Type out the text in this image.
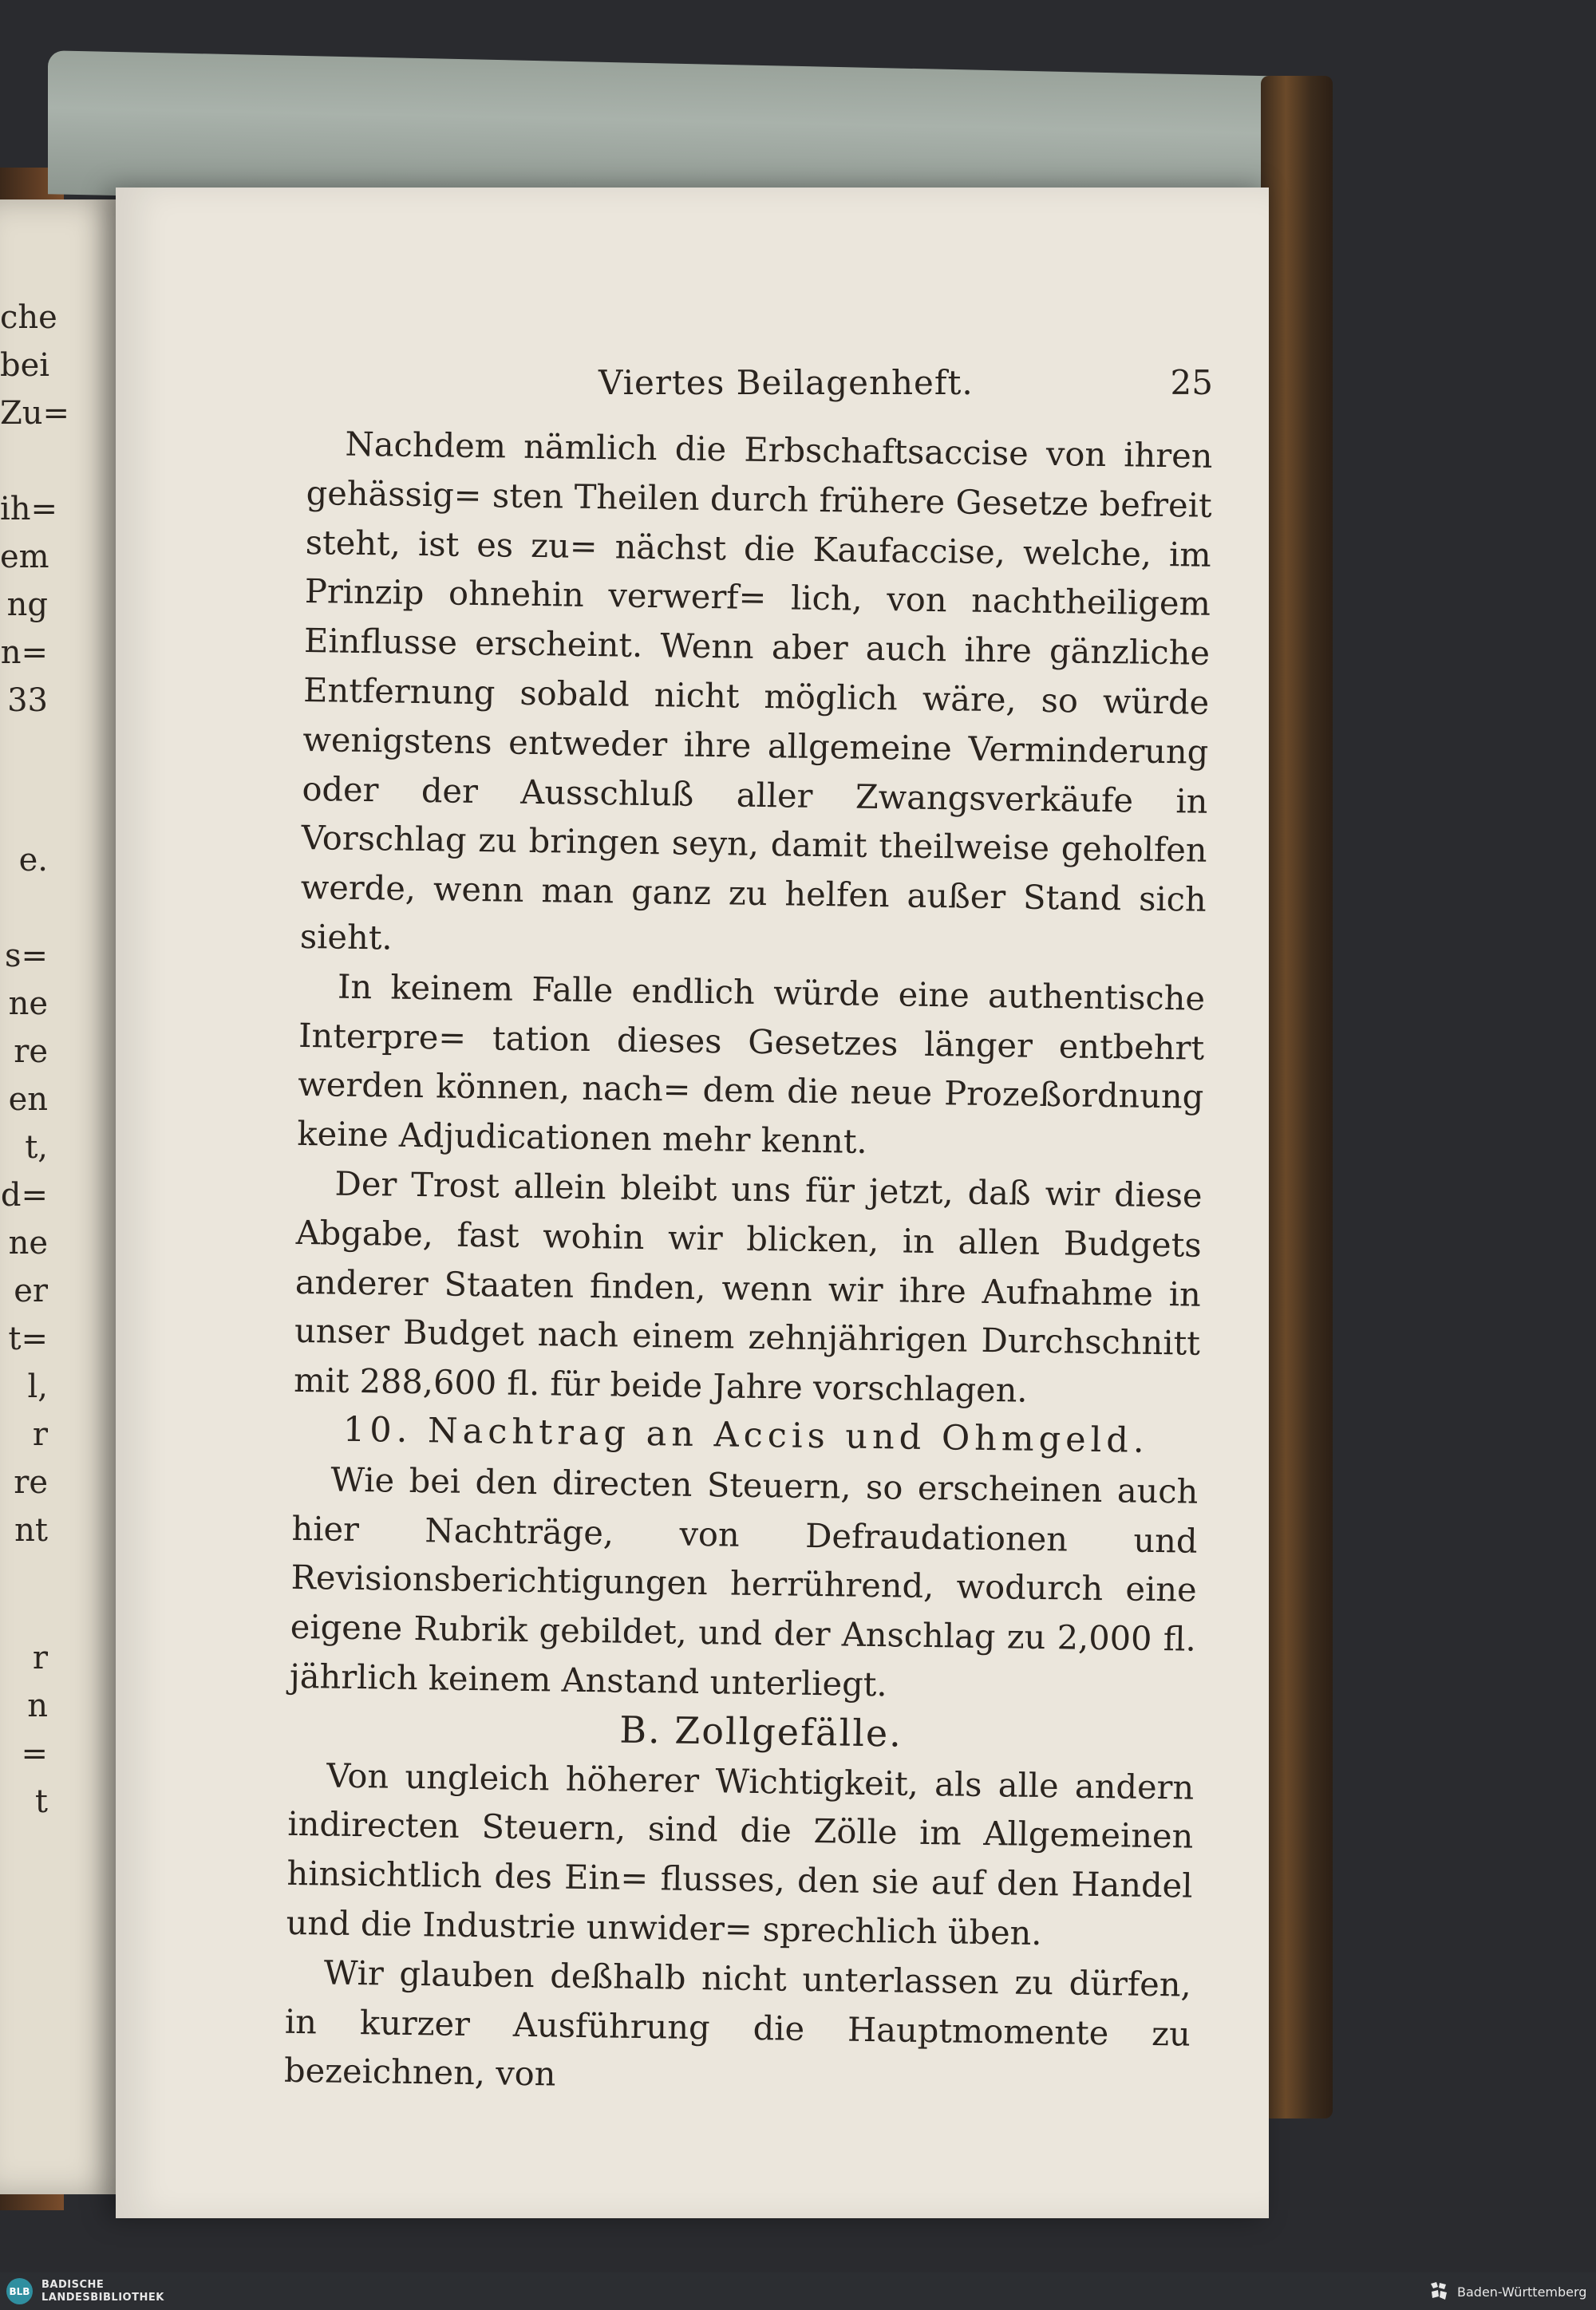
che
bei
Zu=
ih=
em
ng
n=
33
e.
s=
ne
re
en
t,
d=
ne
er
t=
l,
r
re
nt
r
n
=
t
Viertes Beilagenheft.	25

Nachdem nämlich die Erbschaftsaccise von ihren gehässig= sten Theilen durch frühere Gesetze befreit steht, ist es zu= nächst die Kaufaccise, welche, im Prinzip ohnehin verwerf= lich, von nachtheiligem Einflusse erscheint. Wenn aber auch ihre gänzliche Entfernung sobald nicht möglich wäre, so würde wenigstens entweder ihre allgemeine Verminderung oder der Ausschluß aller Zwangsverkäufe in Vorschlag zu bringen seyn, damit theilweise geholfen werde, wenn man ganz zu helfen außer Stand sich sieht.

In keinem Falle endlich würde eine authentische Interpre= tation dieses Gesetzes länger entbehrt werden können, nach= dem die neue Prozeßordnung keine Adjudicationen mehr kennt.

Der Trost allein bleibt uns für jetzt, daß wir diese Abgabe, fast wohin wir blicken, in allen Budgets anderer Staaten finden, wenn wir ihre Aufnahme in unser Budget nach einem zehnjährigen Durchschnitt mit 288,600 fl. für beide Jahre vorschlagen.

10. Nachtrag an Accis und Ohmgeld.

Wie bei den directen Steuern, so erscheinen auch hier Nachträge, von Defraudationen und Revisionsberichtigungen herrührend, wodurch eine eigene Rubrik gebildet, und der Anschlag zu 2,000 fl. jährlich keinem Anstand unterliegt.

B. Zollgefälle.

Von ungleich höherer Wichtigkeit, als alle andern indirecten Steuern, sind die Zölle im Allgemeinen hinsichtlich des Ein= flusses, den sie auf den Handel und die Industrie unwider= sprechlich üben.

Wir glauben deßhalb nicht unterlassen zu dürfen, in kurzer Ausführung die Hauptmomente zu bezeichnen, von

BLB
BADISCHE
LANDESBIBLIOTHEK	Baden-Württemberg
